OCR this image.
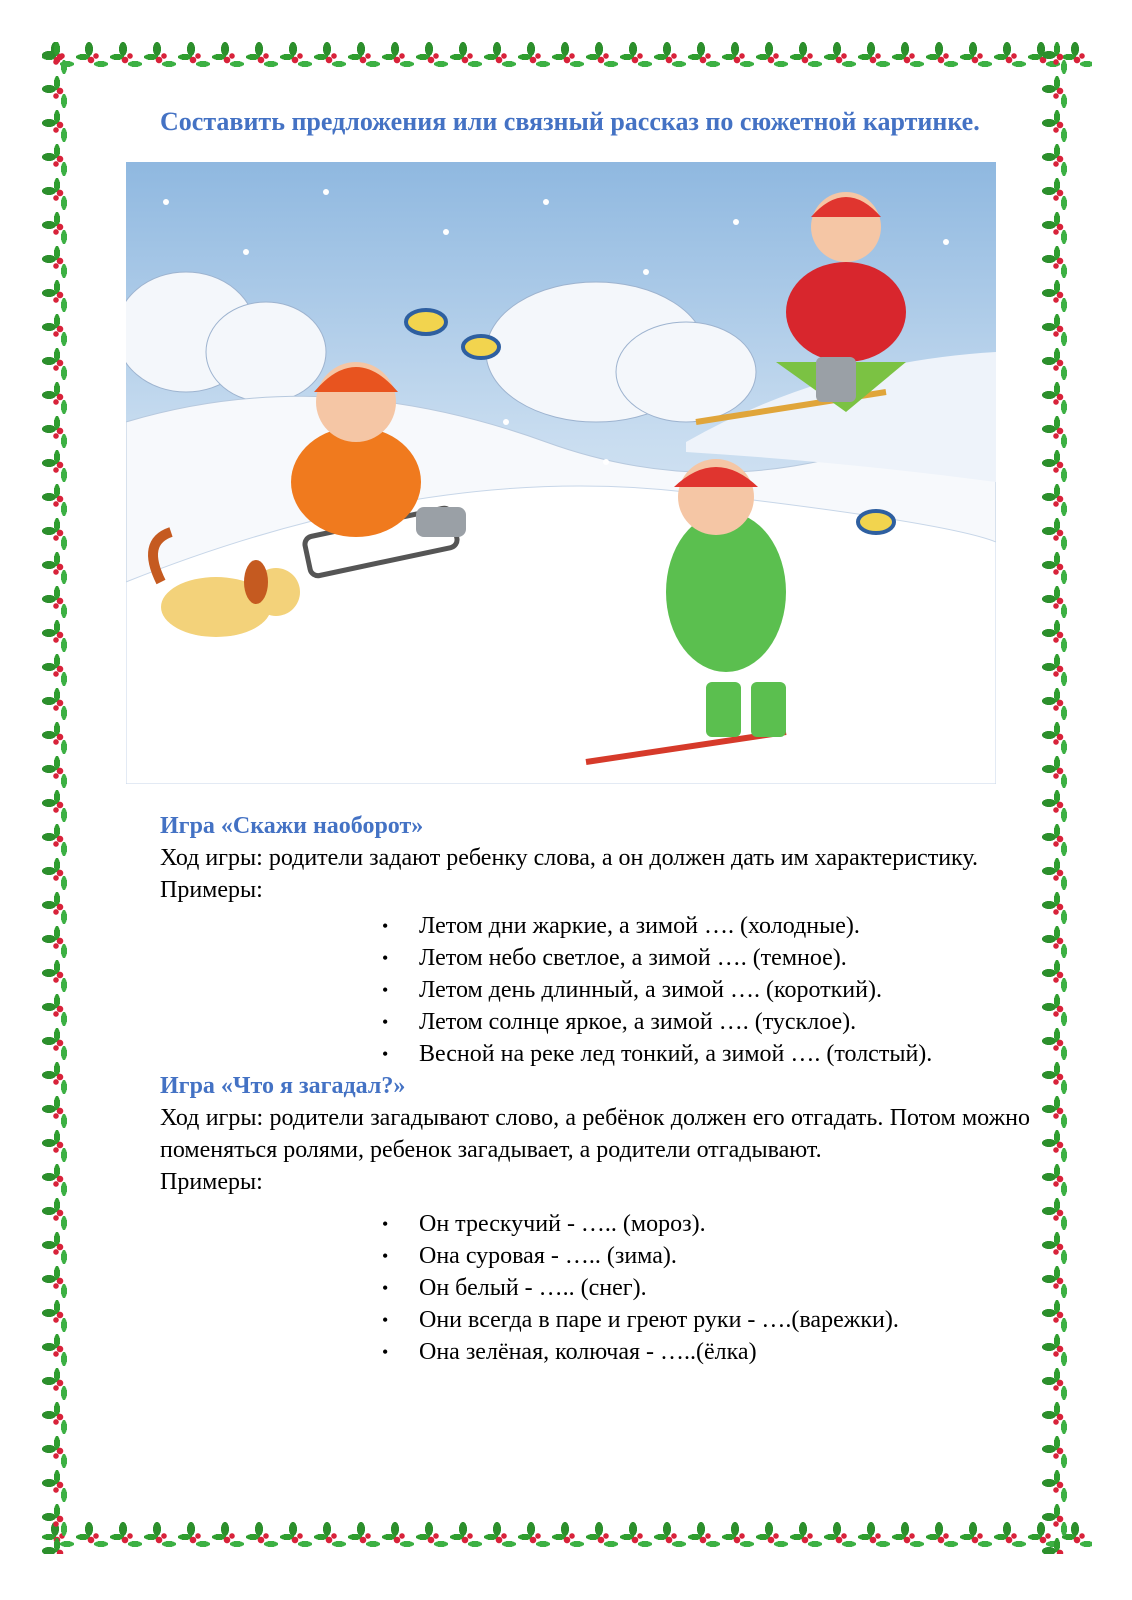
Составить предложения или связный рассказ по сюжетной картинке.
Игра «Скажи наоборот»

Ход игры: родители задают ребенку слова, а он должен дать им характеристику.

Примеры:

• Летом дни жаркие, а зимой …. (холодные).
• Летом небо светлое, а зимой …. (темное).
• Летом день длинный, а зимой …. (короткий).
• Летом солнце яркое, а зимой …. (тусклое).
• Весной на реке лед тонкий, а зимой …. (толстый).
Игра «Что я загадал?»

Ход игры: родители загадывают слово, а ребёнок должен его отгадать. Потом можно поменяться ролями, ребенок загадывает, а родители отгадывают.

Примеры:

• Он трескучий - ….. (мороз).
• Она суровая - ….. (зима).
• Он белый - ….. (снег).
• Они всегда в паре и греют руки - ….(варежки).
• Она зелёная, колючая - …..(ёлка)
